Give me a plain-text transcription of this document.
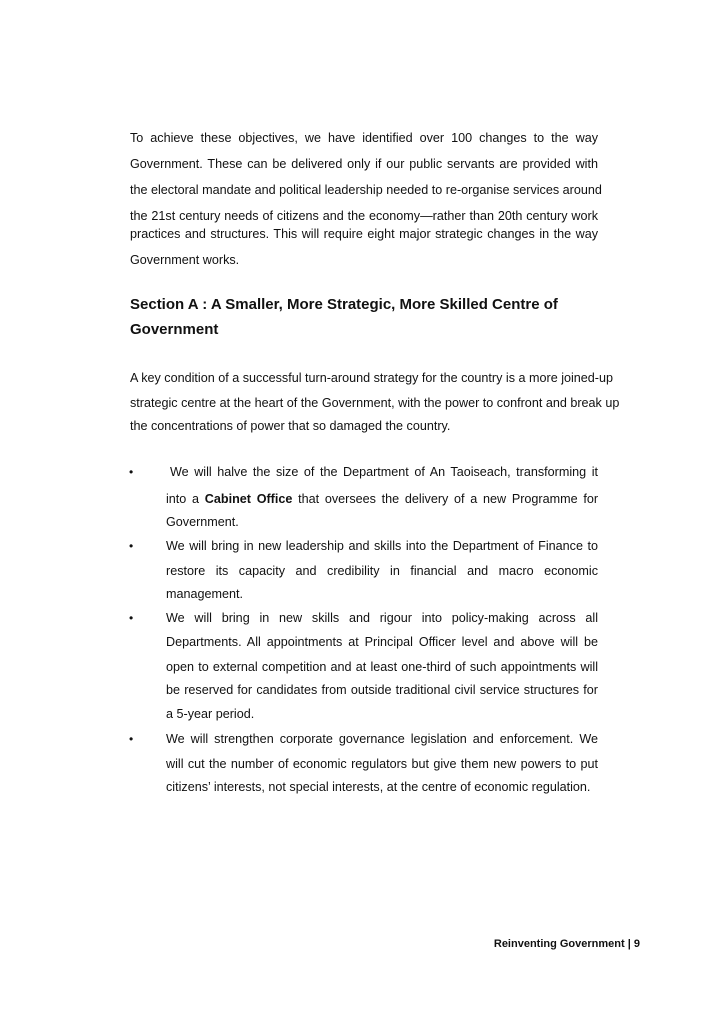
To achieve these objectives, we have identified over 100 changes to the way
Government. These can be delivered only if our public servants are provided with
the electoral mandate and political leadership needed to re-organise services around
the 21st century needs of citizens and the economy—rather than 20th century work
practices and structures. This will require eight major strategic changes in the way
Government works.
Section A : A Smaller, More Strategic, More Skilled Centre of
Government
A key condition of a successful turn-around strategy for the country is a more joined-up
strategic centre at the heart of the Government, with the power to confront and break up
the concentrations of power that so damaged the country.
•	We will halve the size of the Department of An Taoiseach, transforming it
into a Cabinet Office that oversees the delivery of a new Programme for
Government.
•	We will bring in new leadership and skills into the Department of Finance to
restore its capacity and credibility in financial and macro economic
management.
•	We will bring in new skills and rigour into policy-making across all
Departments. All appointments at Principal Officer level and above will be
open to external competition and at least one-third of such appointments will
be reserved for candidates from outside traditional civil service structures for
a 5-year period.
•	We will strengthen corporate governance legislation and enforcement. We
will cut the number of economic regulators but give them new powers to put
citizens’ interests, not special interests, at the centre of economic regulation.
Reinventing Government | 9
